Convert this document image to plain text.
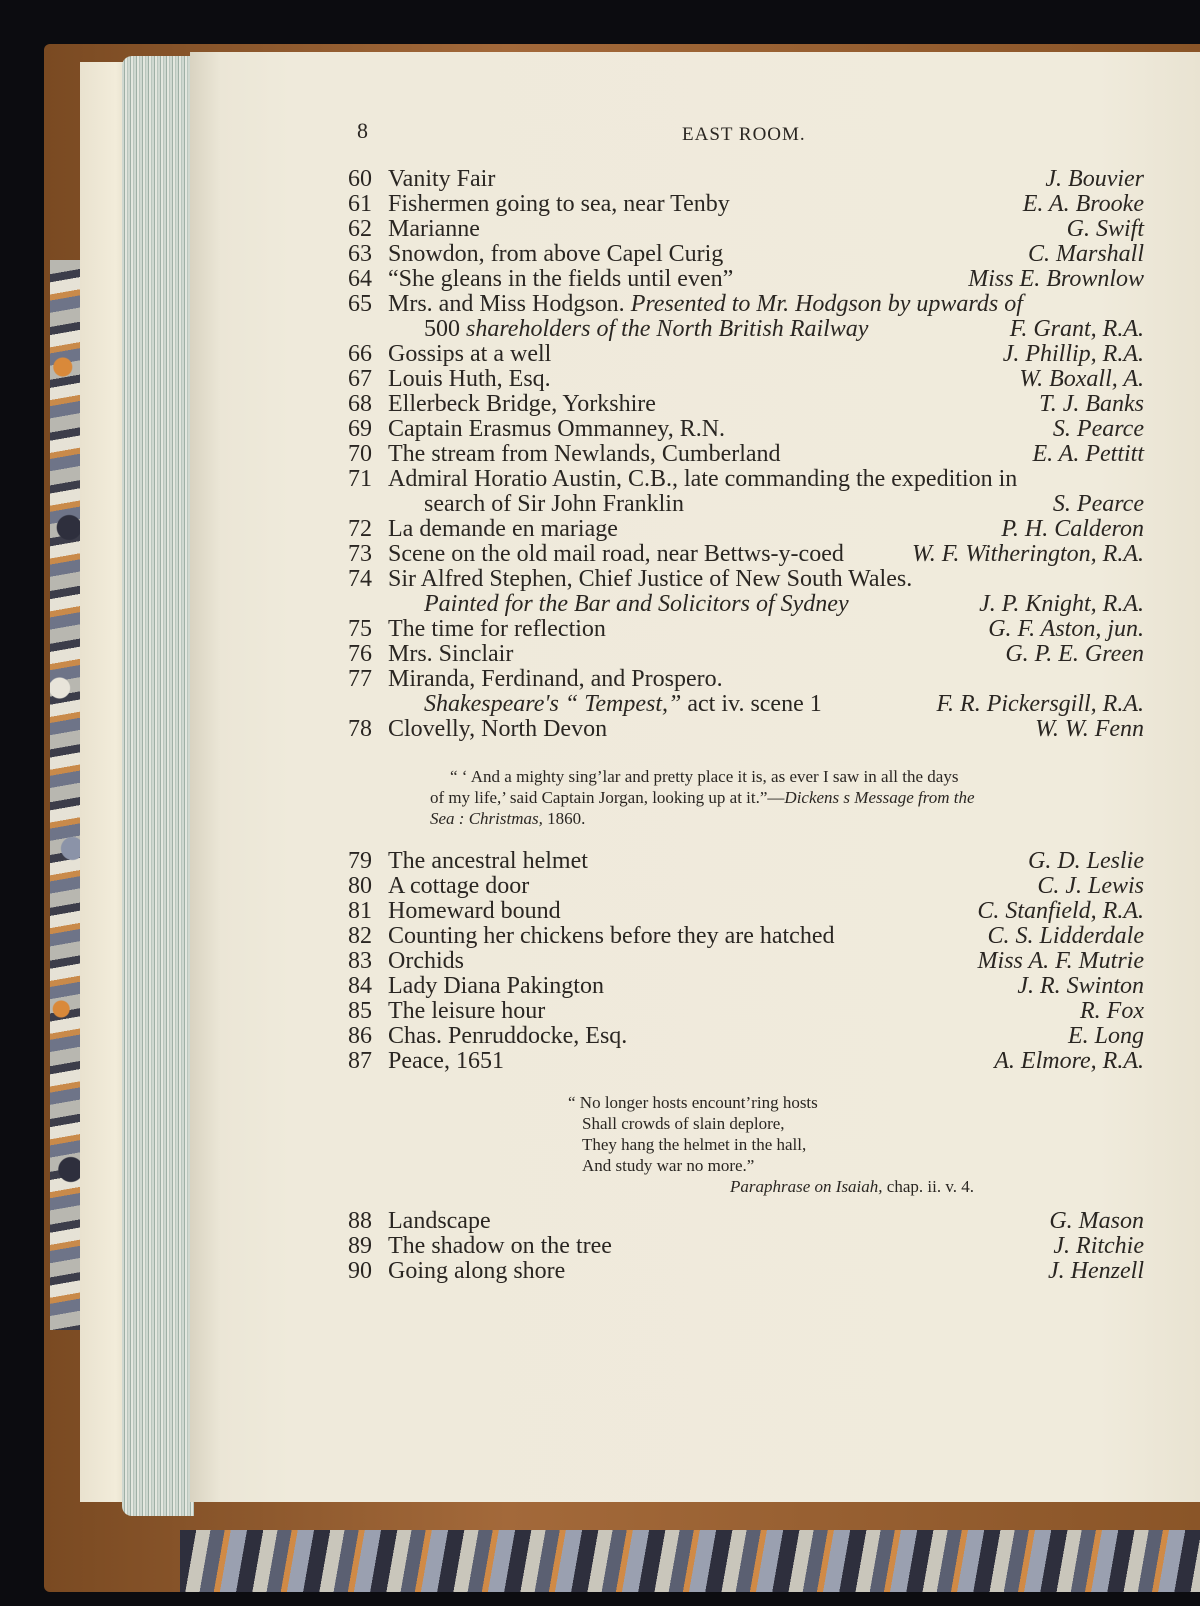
8	EAST ROOM.
60 Vanity Fair	J. Bouvier
61 Fishermen going to sea, near Tenby	E. A. Brooke
62 Marianne	G. Swift
63 Snowdon, from above Capel Curig	C. Marshall
64 “She gleans in the fields until even”	Miss E. Brownlow
65 Mrs. and Miss Hodgson. Presented to Mr. Hodgson by upwards of
500 shareholders of the North British Railway	F. Grant, R.A.
66 Gossips at a well	J. Phillip, R.A.
67 Louis Huth, Esq.	W. Boxall, A.
68 Ellerbeck Bridge, Yorkshire	T. J. Banks
69 Captain Erasmus Ommanney, R.N.	S. Pearce
70 The stream from Newlands, Cumberland	E. A. Pettitt
71 Admiral Horatio Austin, C.B., late commanding the expedition in
search of Sir John Franklin	S. Pearce
72 La demande en mariage	P. H. Calderon
73 Scene on the old mail road, near Bettws-y-coed	W. F. Witherington, R.A.
74 Sir Alfred Stephen, Chief Justice of New South Wales.
Painted for the Bar and Solicitors of Sydney	J. P. Knight, R.A.
75 The time for reflection	G. F. Aston, jun.
76 Mrs. Sinclair	G. P. E. Green
77 Miranda, Ferdinand, and Prospero.
Shakespeare's “ Tempest,” act iv. scene 1	F. R. Pickersgill, R.A.
78 Clovelly, North Devon	W. W. Fenn
79 The ancestral helmet	G. D. Leslie
80 A cottage door	C. J. Lewis
81 Homeward bound	C. Stanfield, R.A.
82 Counting her chickens before they are hatched	C. S. Lidderdale
83 Orchids	Miss A. F. Mutrie
84 Lady Diana Pakington	J. R. Swinton
85 The leisure hour	R. Fox
86 Chas. Penruddocke, Esq.	E. Long
87 Peace, 1651	A. Elmore, R.A.
88 Landscape	G. Mason
89 The shadow on the tree	J. Ritchie
90 Going along shore	J. Henzell
“ ‘ And a mighty sing’lar and pretty place it is, as ever I saw in all the days
of my life,’ said Captain Jorgan, looking up at it.”—Dickens s Message from the
Sea : Christmas, 1860.
“ No longer hosts encount’ring hosts
Shall crowds of slain deplore,
They hang the helmet in the hall,
And study war no more.”
Paraphrase on Isaiah, chap. ii. v. 4.
